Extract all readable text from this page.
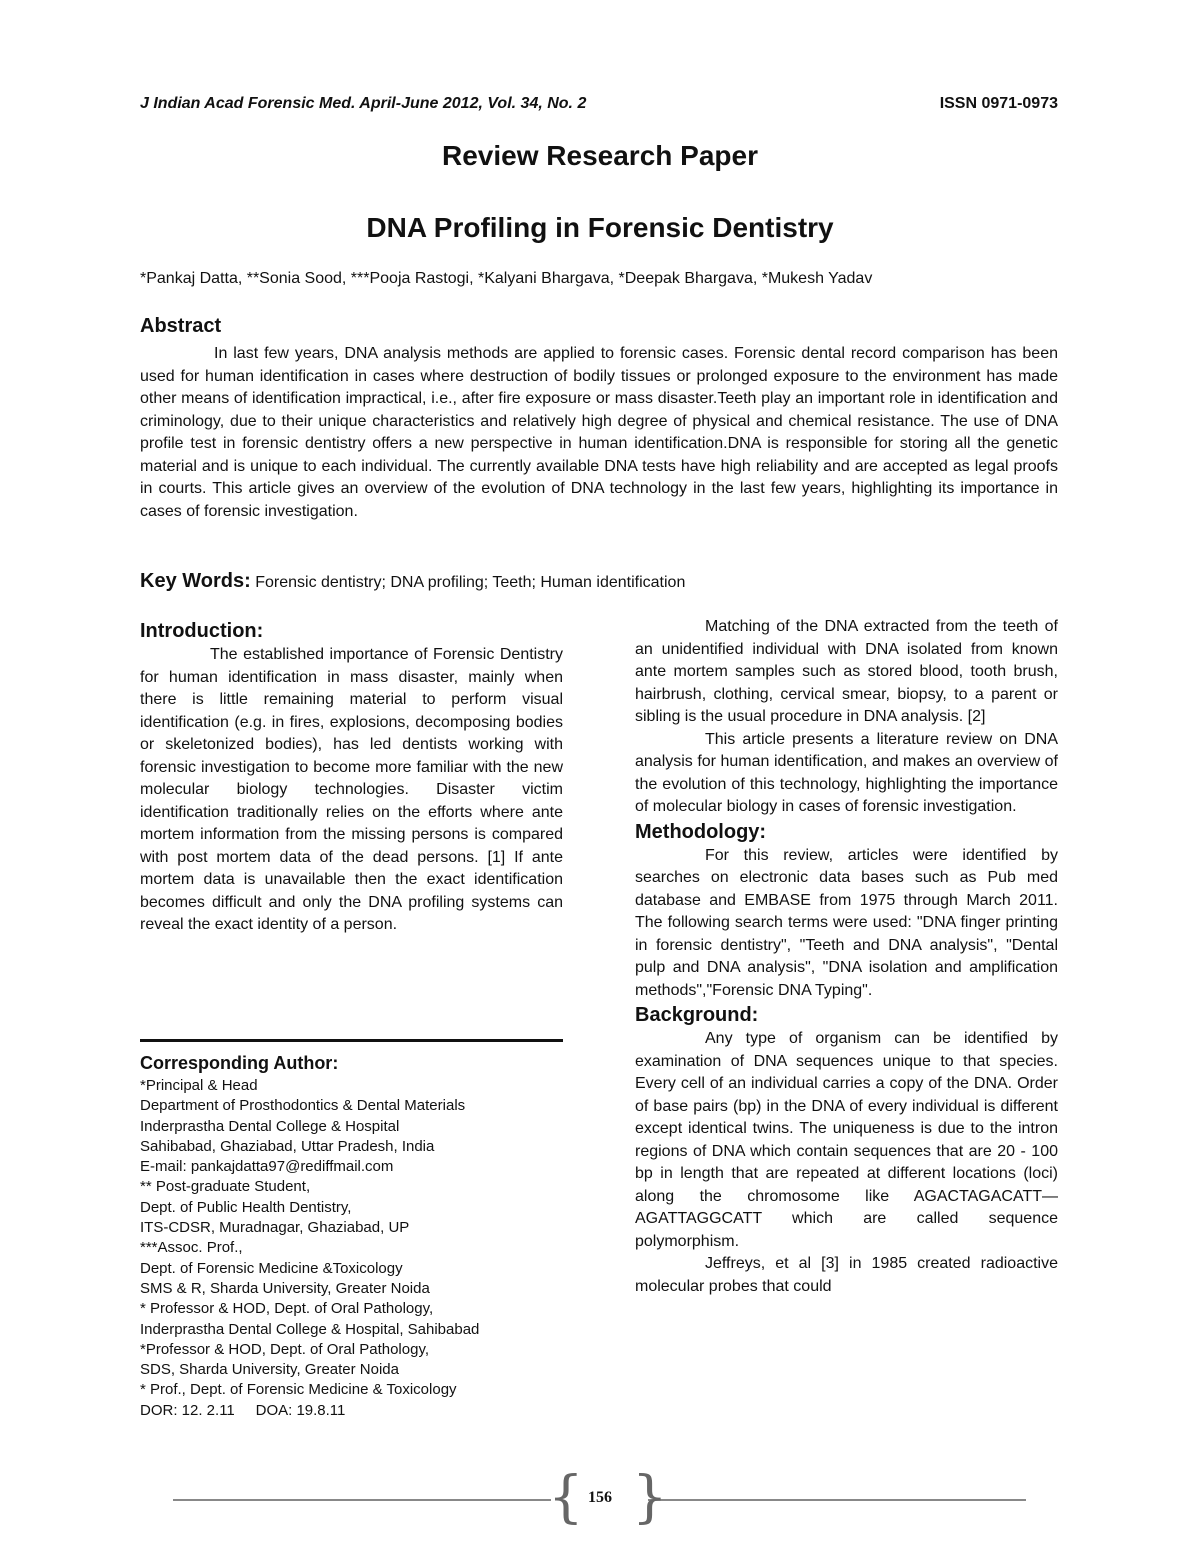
J Indian Acad Forensic Med. April-June 2012, Vol. 34, No. 2	ISSN 0971-0973
Review Research Paper
DNA Profiling in Forensic Dentistry
*Pankaj Datta, **Sonia Sood, ***Pooja Rastogi, *Kalyani Bhargava, *Deepak Bhargava, *Mukesh Yadav
Abstract

In last few years, DNA analysis methods are applied to forensic cases. Forensic dental record comparison has been used for human identification in cases where destruction of bodily tissues or prolonged exposure to the environment has made other means of identification impractical, i.e., after fire exposure or mass disaster.Teeth play an important role in identification and criminology, due to their unique characteristics and relatively high degree of physical and chemical resistance. The use of DNA profile test in forensic dentistry offers a new perspective in human identification.DNA is responsible for storing all the genetic material and is unique to each individual. The currently available DNA tests have high reliability and are accepted as legal proofs in courts. This article gives an overview of the evolution of DNA technology in the last few years, highlighting its importance in cases of forensic investigation.

Key Words: Forensic dentistry; DNA profiling; Teeth; Human identification
Introduction:

The established importance of Forensic Dentistry for human identification in mass disaster, mainly when there is little remaining material to perform visual identification (e.g. in fires, explosions, decomposing bodies or skeletonized bodies), has led dentists working with forensic investigation to become more familiar with the new molecular biology technologies. Disaster victim identification traditionally relies on the efforts where ante mortem information from the missing persons is compared with post mortem data of the dead persons. [1] If ante mortem data is unavailable then the exact identification becomes difficult and only the DNA profiling systems can reveal the exact identity of a person.

Corresponding Author:
*Principal & Head
Department of Prosthodontics & Dental Materials
Inderprastha Dental College & Hospital
Sahibabad, Ghaziabad, Uttar Pradesh, India
E-mail: pankajdatta97@rediffmail.com
** Post-graduate Student,
Dept. of Public Health Dentistry,
ITS-CDSR, Muradnagar, Ghaziabad, UP
***Assoc. Prof.,
Dept. of Forensic Medicine &Toxicology
SMS & R, Sharda University, Greater Noida
* Professor & HOD, Dept. of Oral Pathology,
Inderprastha Dental College & Hospital, Sahibabad
*Professor & HOD, Dept. of Oral Pathology,
SDS, Sharda University, Greater Noida
* Prof., Dept. of Forensic Medicine & Toxicology
DOR: 12. 2.11     DOA: 19.8.11

Matching of the DNA extracted from the teeth of an unidentified individual with DNA isolated from known ante mortem samples such as stored blood, tooth brush, hairbrush, clothing, cervical smear, biopsy, to a parent or sibling is the usual procedure in DNA analysis. [2]

This article presents a literature review on DNA analysis for human identification, and makes an overview of the evolution of this technology, highlighting the importance of molecular biology in cases of forensic investigation.

Methodology:

For this review, articles were identified by searches on electronic data bases such as Pub med database and EMBASE from 1975 through March 2011. The following search terms were used: "DNA finger printing in forensic dentistry", "Teeth and DNA analysis", "Dental pulp and DNA analysis", "DNA isolation and amplification methods","Forensic DNA Typing".

Background:

Any type of organism can be identified by examination of DNA sequences unique to that species. Every cell of an individual carries a copy of the DNA. Order of base pairs (bp) in the DNA of every individual is different except identical twins. The uniqueness is due to the intron regions of DNA which contain sequences that are 20 - 100 bp in length that are repeated at different locations (loci) along the chromosome like AGACTAGACATT—AGATTAGGCATT which are called sequence polymorphism.

Jeffreys, et al [3] in 1985 created radioactive molecular probes that could

{ }
156
